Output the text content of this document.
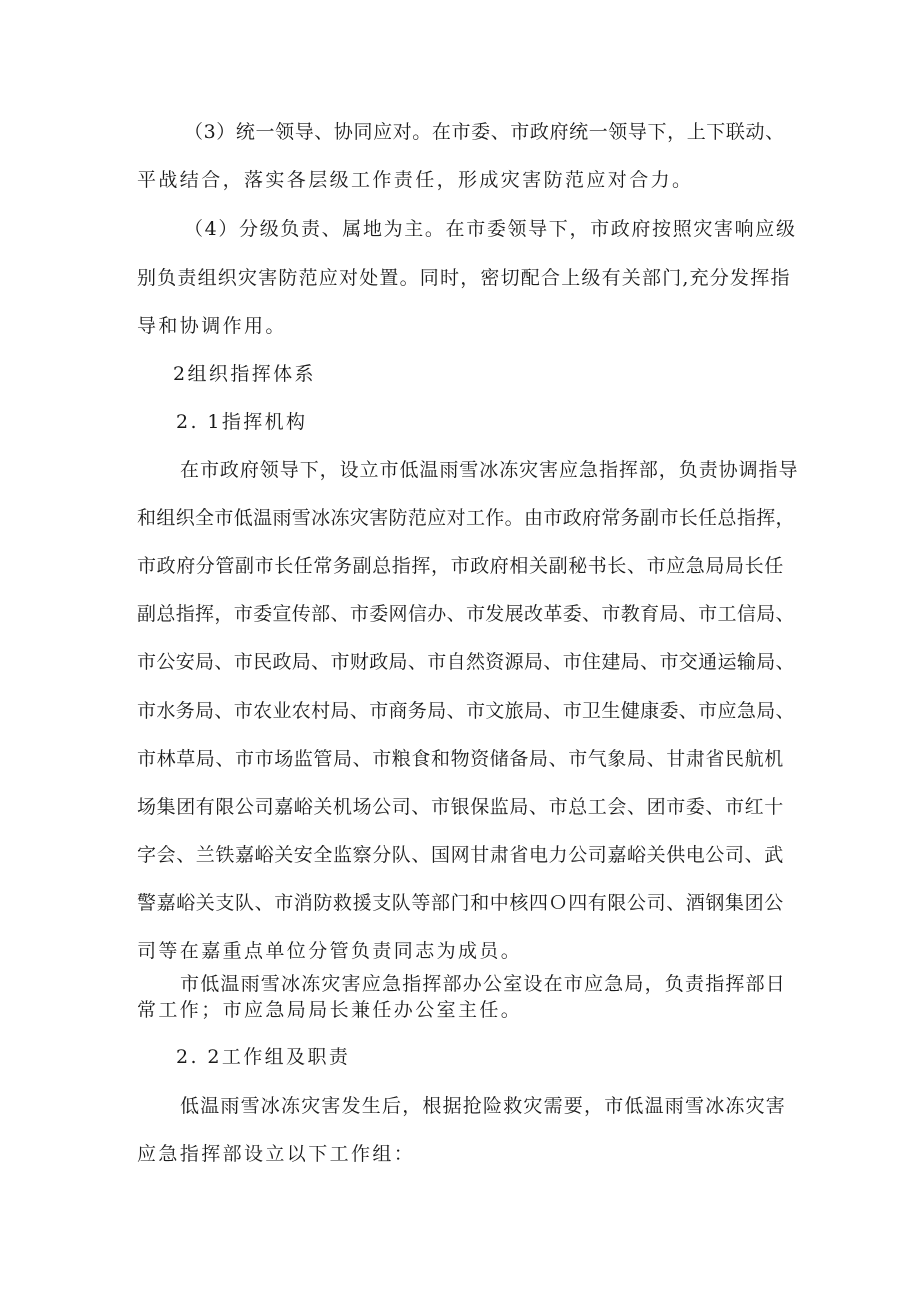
（3）统一领导、协同应对。在市委、市政府统一领导下，上下联动、

平战结合，落实各层级工作责任，形成灾害防范应对合力。

（4）分级负责、属地为主。在市委领导下，市政府按照灾害响应级

别负责组织灾害防范应对处置。同时，密切配合上级有关部门,充分发挥指

导和协调作用。

2组织指挥体系

2. 1指挥机构

在市政府领导下，设立市低温雨雪冰冻灾害应急指挥部，负责协调指导

和组织全市低温雨雪冰冻灾害防范应对工作。由市政府常务副市长任总指挥，

市政府分管副市长任常务副总指挥，市政府相关副秘书长、市应急局局长任

副总指挥，市委宣传部、市委网信办、市发展改革委、市教育局、市工信局、

市公安局、市民政局、市财政局、市自然资源局、市住建局、市交通运输局、

市水务局、市农业农村局、市商务局、市文旅局、市卫生健康委、市应急局、

市林草局、市市场监管局、市粮食和物资储备局、市气象局、甘肃省民航机

场集团有限公司嘉峪关机场公司、市银保监局、市总工会、团市委、市红十

字会、兰铁嘉峪关安全监察分队、国网甘肃省电力公司嘉峪关供电公司、武

警嘉峪关支队、市消防救援支队等部门和中核四Ｏ四有限公司、酒钢集团公

司等在嘉重点单位分管负责同志为成员。

市低温雨雪冰冻灾害应急指挥部办公室设在市应急局，负责指挥部日

常工作；市应急局局长兼任办公室主任。

2. 2工作组及职责

低温雨雪冰冻灾害发生后，根据抢险救灾需要，市低温雨雪冰冻灾害

应急指挥部设立以下工作组：
